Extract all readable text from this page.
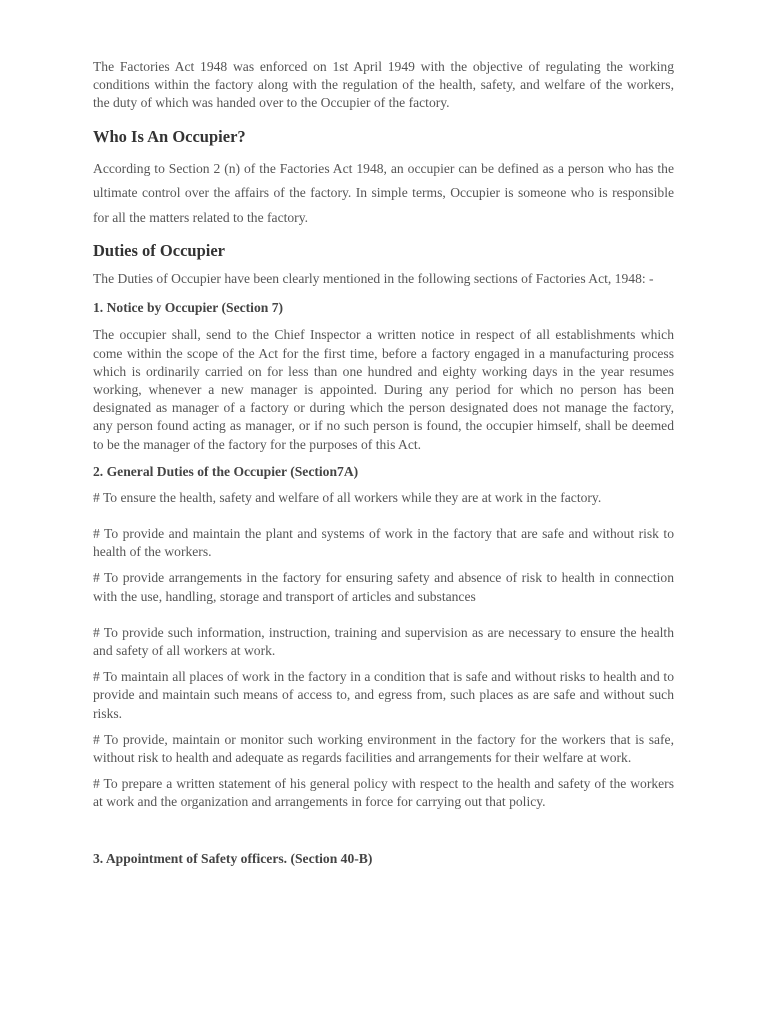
The Factories Act 1948 was enforced on 1st April 1949 with the objective of regulating the working conditions within the factory along with the regulation of the health, safety, and welfare of the workers, the duty of which was handed over to the Occupier of the factory.

Who Is An Occupier?

According to Section 2 (n) of the Factories Act 1948, an occupier can be defined as a person who has the ultimate control over the affairs of the factory. In simple terms, Occupier is someone who is responsible for all the matters related to the factory.

Duties of Occupier

The Duties of Occupier have been clearly mentioned in the following sections of Factories Act, 1948: -

1. Notice by Occupier (Section 7)

The occupier shall, send to the Chief Inspector a written notice in respect of all establishments which come within the scope of the Act for the first time, before a factory engaged in a manufacturing process which is ordinarily carried on for less than one hundred and eighty working days in the year resumes working, whenever a new manager is appointed. During any period for which no person has been designated as manager of a factory or during which the person designated does not manage the factory, any person found acting as manager, or if no such person is found, the occupier himself, shall be deemed to be the manager of the factory for the purposes of this Act.

2. General Duties of the Occupier (Section7A)

# To ensure the health, safety and welfare of all workers while they are at work in the factory.

# To provide and maintain the plant and systems of work in the factory that are safe and without risk to health of the workers.

# To provide arrangements in the factory for ensuring safety and absence of risk to health in connection with the use, handling, storage and transport of articles and substances

# To provide such information, instruction, training and supervision as are necessary to ensure the health and safety of all workers at work.

# To maintain all places of work in the factory in a condition that is safe and without risks to health and to provide and maintain such means of access to, and egress from, such places as are safe and without such risks.

# To provide, maintain or monitor such working environment in the factory for the workers that is safe, without risk to health and adequate as regards facilities and arrangements for their welfare at work.

# To prepare a written statement of his general policy with respect to the health and safety of the workers at work and the organization and arrangements in force for carrying out that policy.

3. Appointment of Safety officers. (Section 40-B)
